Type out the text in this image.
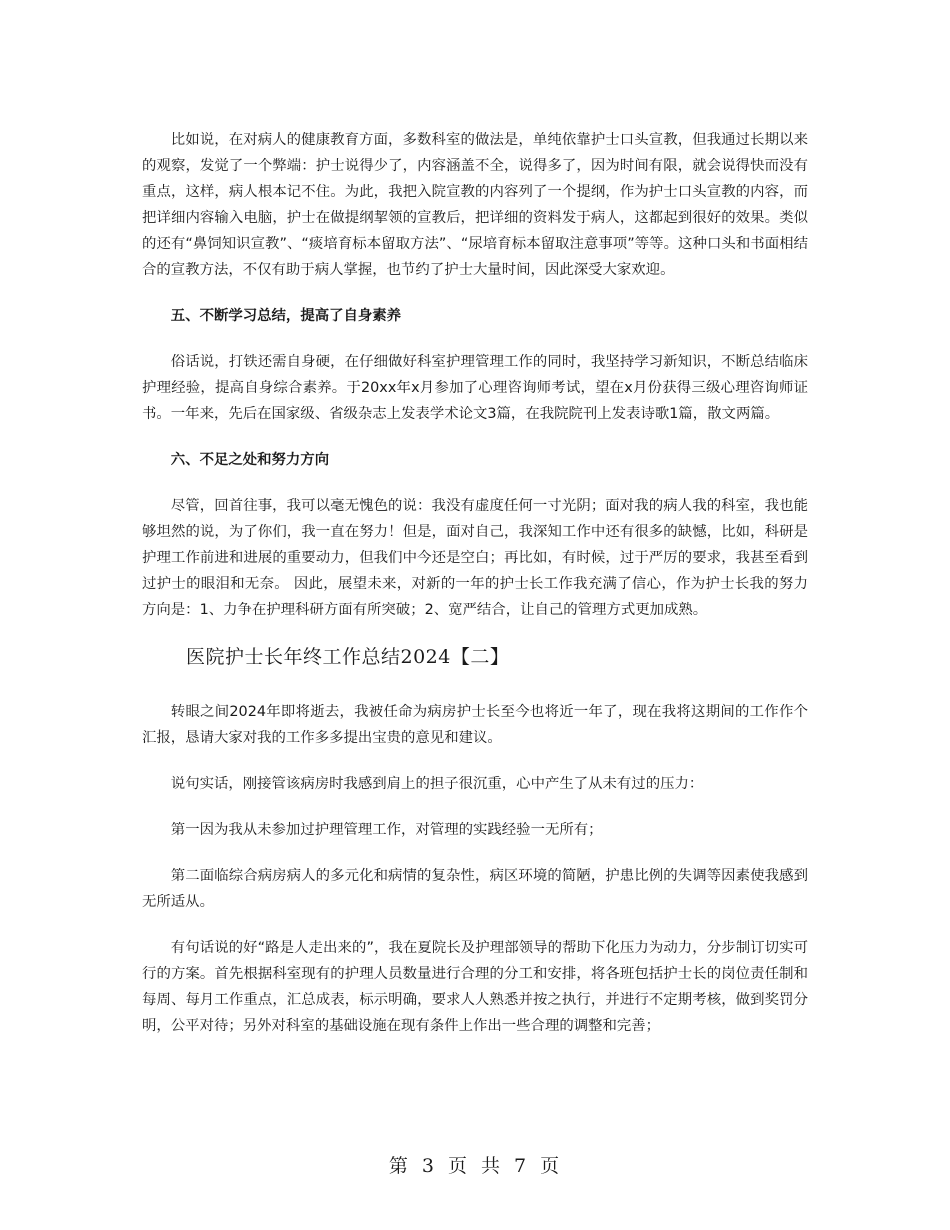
比如说，在对病人的健康教育方面，多数科室的做法是，单纯依靠护士口头宣教，但我通过长期以来的观察，发觉了一个弊端：护士说得少了，内容涵盖不全，说得多了，因为时间有限，就会说得快而没有重点，这样，病人根本记不住。为此，我把入院宣教的内容列了一个提纲，作为护士口头宣教的内容，而把详细内容输入电脑，护士在做提纲挈领的宣教后，把详细的资料发于病人，这都起到很好的效果。类似的还有“鼻饲知识宣教”、“痰培育标本留取方法”、“尿培育标本留取注意事项”等等。这种口头和书面相结合的宣教方法，不仅有助于病人掌握，也节约了护士大量时间，因此深受大家欢迎。

五、不断学习总结，提高了自身素养

俗话说，打铁还需自身硬，在仔细做好科室护理管理工作的同时，我坚持学习新知识，不断总结临床护理经验，提高自身综合素养。于20xx年x月参加了心理咨询师考试，望在x月份获得三级心理咨询师证书。一年来，先后在国家级、省级杂志上发表学术论文3篇，在我院院刊上发表诗歌1篇，散文两篇。

六、不足之处和努力方向

尽管，回首往事，我可以毫无愧色的说：我没有虚度任何一寸光阴；面对我的病人我的科室，我也能够坦然的说，为了你们，我一直在努力！但是，面对自己，我深知工作中还有很多的缺憾，比如，科研是护理工作前进和进展的重要动力，但我们中今还是空白；再比如，有时候，过于严厉的要求，我甚至看到过护士的眼泪和无奈。 因此，展望未来，对新的一年的护士长工作我充满了信心，作为护士长我的努力方向是：1、力争在护理科研方面有所突破；2、宽严结合，让自己的管理方式更加成熟。

医院护士长年终工作总结2024【二】

转眼之间2024年即将逝去，我被任命为病房护士长至今也将近一年了，现在我将这期间的工作作个汇报，恳请大家对我的工作多多提出宝贵的意见和建议。

说句实话，刚接管该病房时我感到肩上的担子很沉重，心中产生了从未有过的压力：

第一因为我从未参加过护理管理工作，对管理的实践经验一无所有；

第二面临综合病房病人的多元化和病情的复杂性，病区环境的简陋，护患比例的失调等因素使我感到无所适从。

有句话说的好“路是人走出来的”，我在夏院长及护理部领导的帮助下化压力为动力，分步制订切实可行的方案。首先根据科室现有的护理人员数量进行合理的分工和安排，将各班包括护士长的岗位责任制和每周、每月工作重点，汇总成表，标示明确，要求人人熟悉并按之执行，并进行不定期考核，做到奖罚分明，公平对待；另外对科室的基础设施在现有条件上作出一些合理的调整和完善；

第 3 页 共 7 页
